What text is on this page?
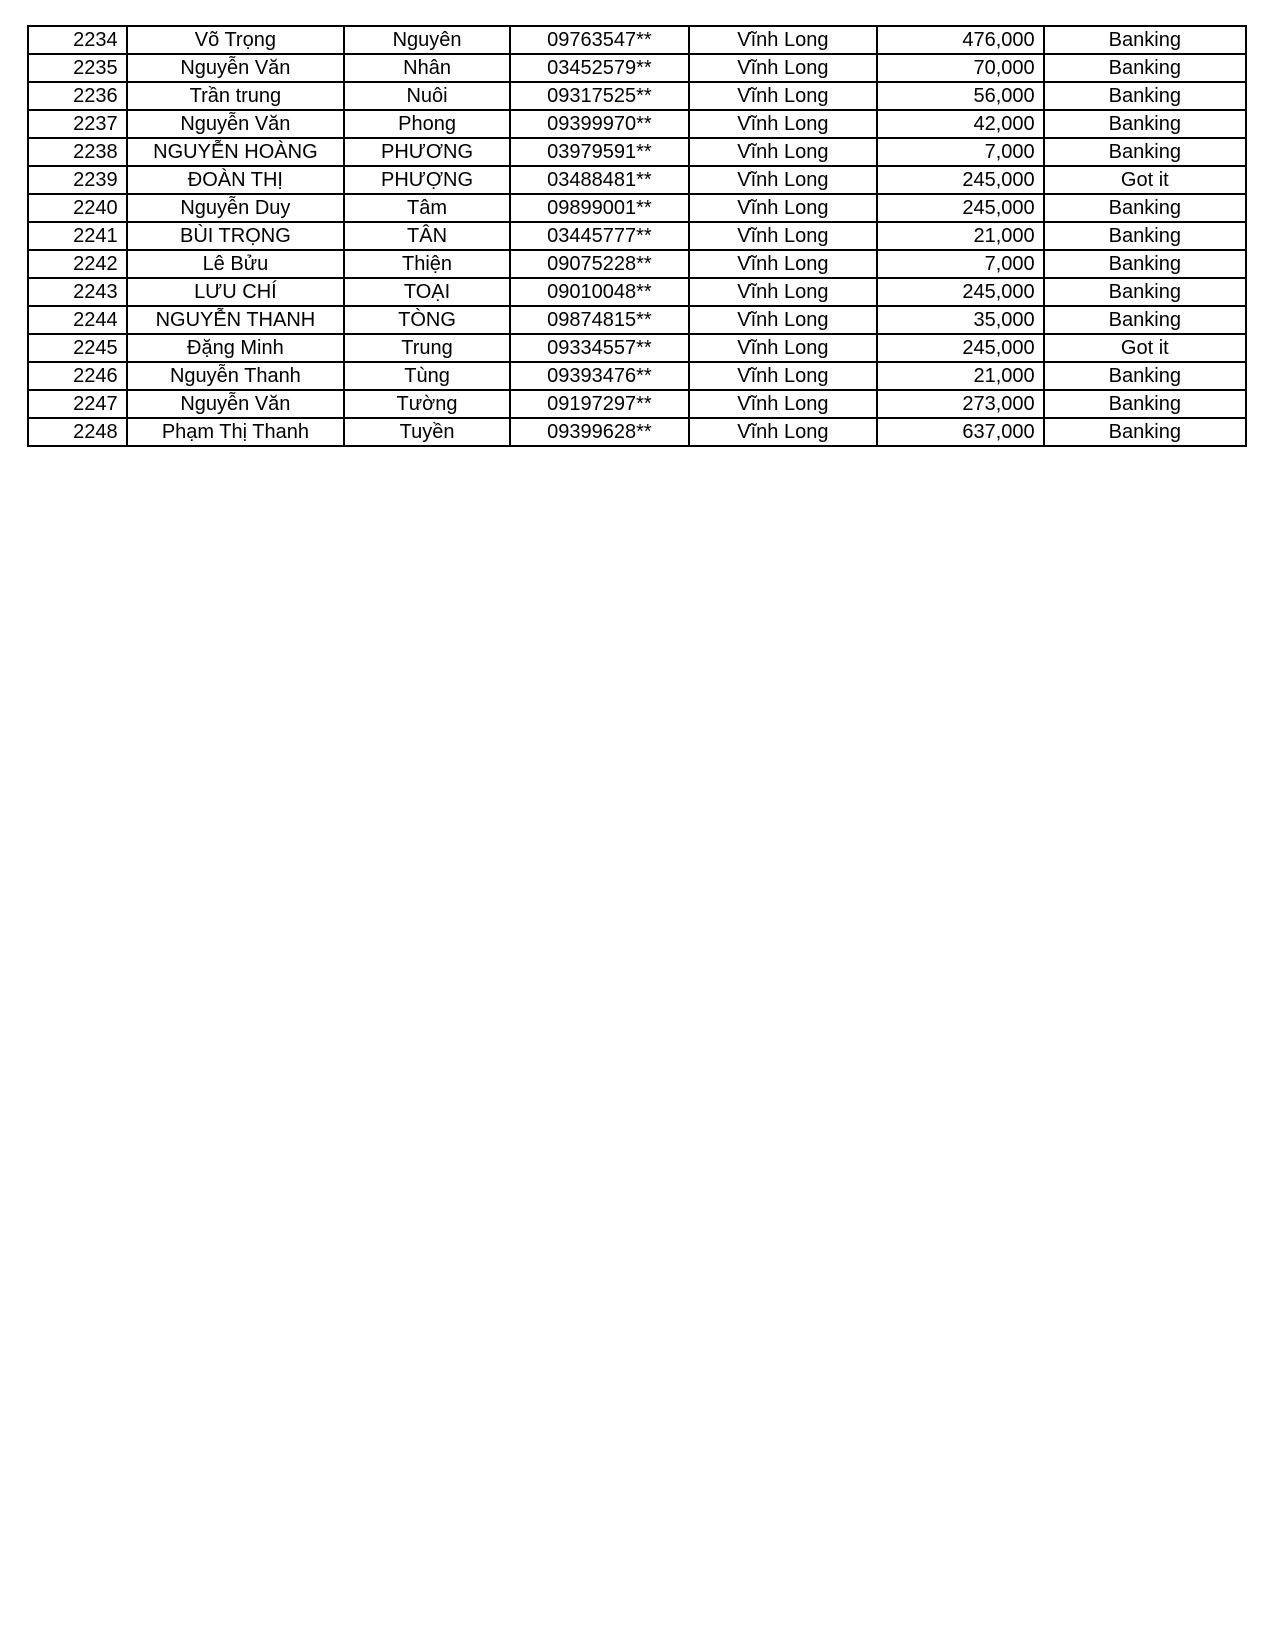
2234	Võ Trọng	Nguyên	09763547**	Vĩnh Long	476,000	Banking
2235	Nguyễn Văn	Nhân	03452579**	Vĩnh Long	70,000	Banking
2236	Trần trung	Nuôi	09317525**	Vĩnh Long	56,000	Banking
2237	Nguyễn Văn	Phong	09399970**	Vĩnh Long	42,000	Banking
2238	NGUYỄN HOÀNG	PHƯƠNG	03979591**	Vĩnh Long	7,000	Banking
2239	ĐOÀN THỊ	PHƯỢNG	03488481**	Vĩnh Long	245,000	Got it
2240	Nguyễn Duy	Tâm	09899001**	Vĩnh Long	245,000	Banking
2241	BÙI TRỌNG	TÂN	03445777**	Vĩnh Long	21,000	Banking
2242	Lê Bửu	Thiện	09075228**	Vĩnh Long	7,000	Banking
2243	LƯU CHÍ	TOẠI	09010048**	Vĩnh Long	245,000	Banking
2244	NGUYỄN THANH	TÒNG	09874815**	Vĩnh Long	35,000	Banking
2245	Đặng Minh	Trung	09334557**	Vĩnh Long	245,000	Got it
2246	Nguyễn Thanh	Tùng	09393476**	Vĩnh Long	21,000	Banking
2247	Nguyễn Văn	Tường	09197297**	Vĩnh Long	273,000	Banking
2248	Phạm Thị Thanh	Tuyền	09399628**	Vĩnh Long	637,000	Banking
